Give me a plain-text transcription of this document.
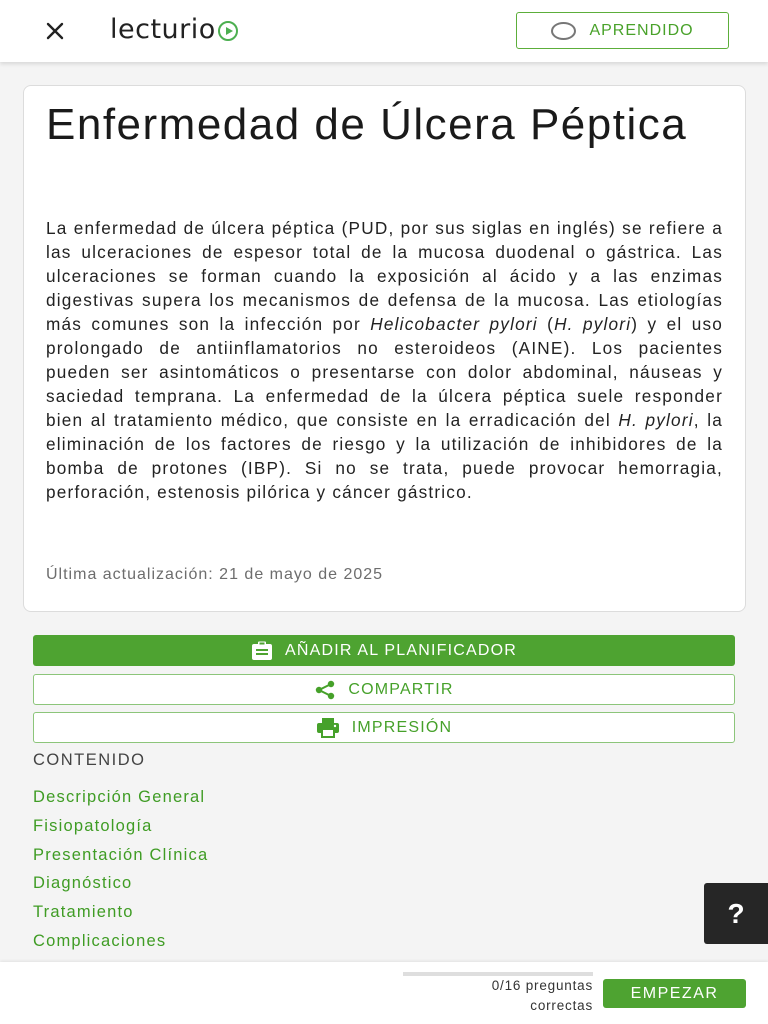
lecturio	APRENDIDO
Enfermedad de Úlcera Péptica

La enfermedad de úlcera péptica (PUD, por sus siglas en inglés) se refiere a las ulceraciones de espesor total de la mucosa duodenal o gástrica. Las ulceraciones se forman cuando la exposición al ácido y a las enzimas digestivas supera los mecanismos de defensa de la mucosa. Las etiologías más comunes son la infección por Helicobacter pylori (H. pylori) y el uso prolongado de antiinflamatorios no esteroideos (AINE). Los pacientes pueden ser asintomáticos o presentarse con dolor abdominal, náuseas y saciedad temprana. La enfermedad de la úlcera péptica suele responder bien al tratamiento médico, que consiste en la erradicación del H. pylori, la eliminación de los factores de riesgo y la utilización de inhibidores de la bomba de protones (IBP). Si no se trata, puede provocar hemorragia, perforación, estenosis pilórica y cáncer gástrico.

Última actualización: 21 de mayo de 2025
AÑADIR AL PLANIFICADOR
COMPARTIR
IMPRESIÓN
CONTENIDO
Descripción General
Fisiopatología
Presentación Clínica
Diagnóstico
Tratamiento
Complicaciones
?
0/16 preguntas
correctas
EMPEZAR
